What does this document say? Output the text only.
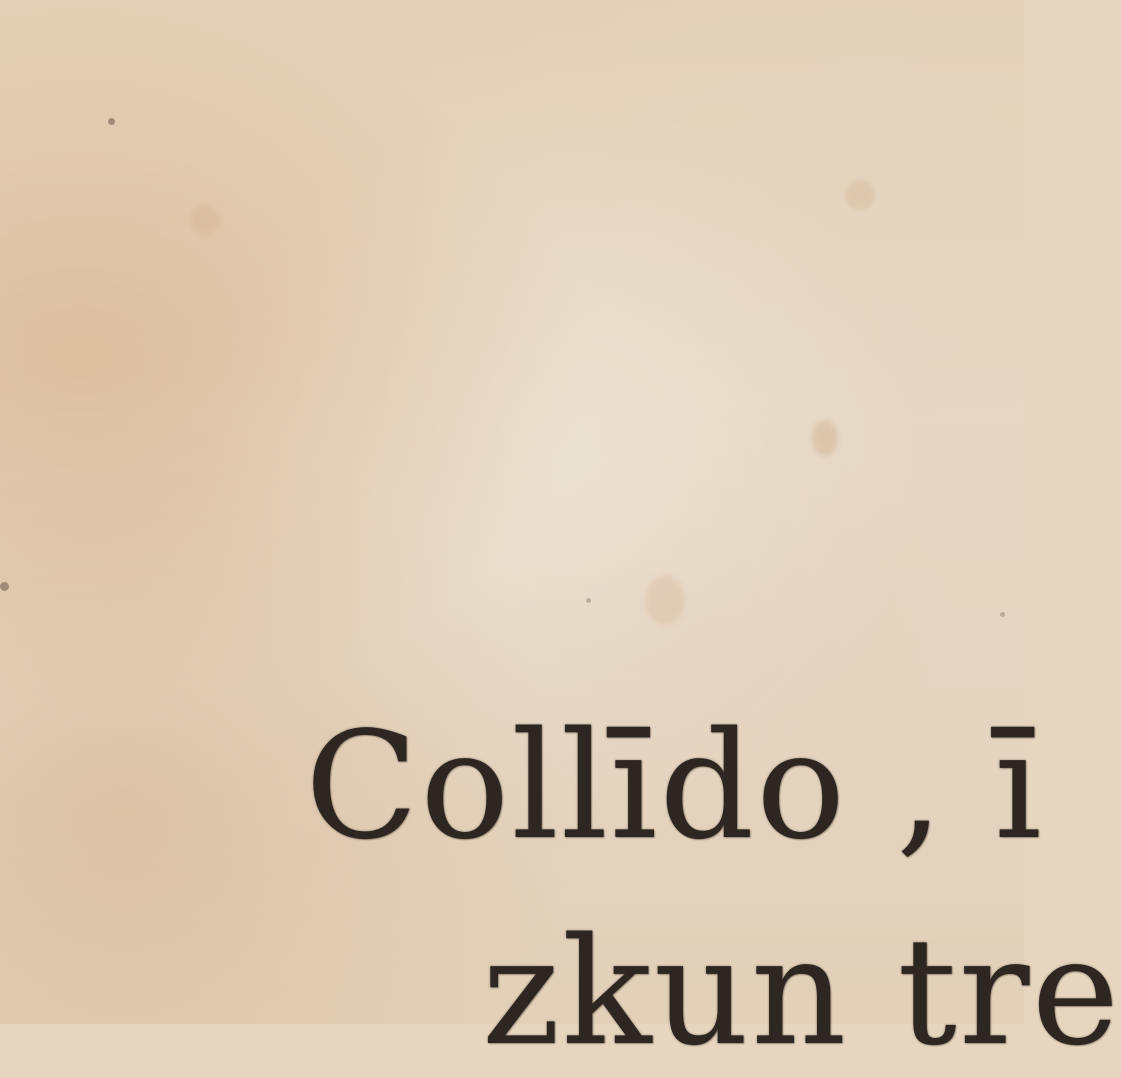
Collīdo , ī

zkun tre
